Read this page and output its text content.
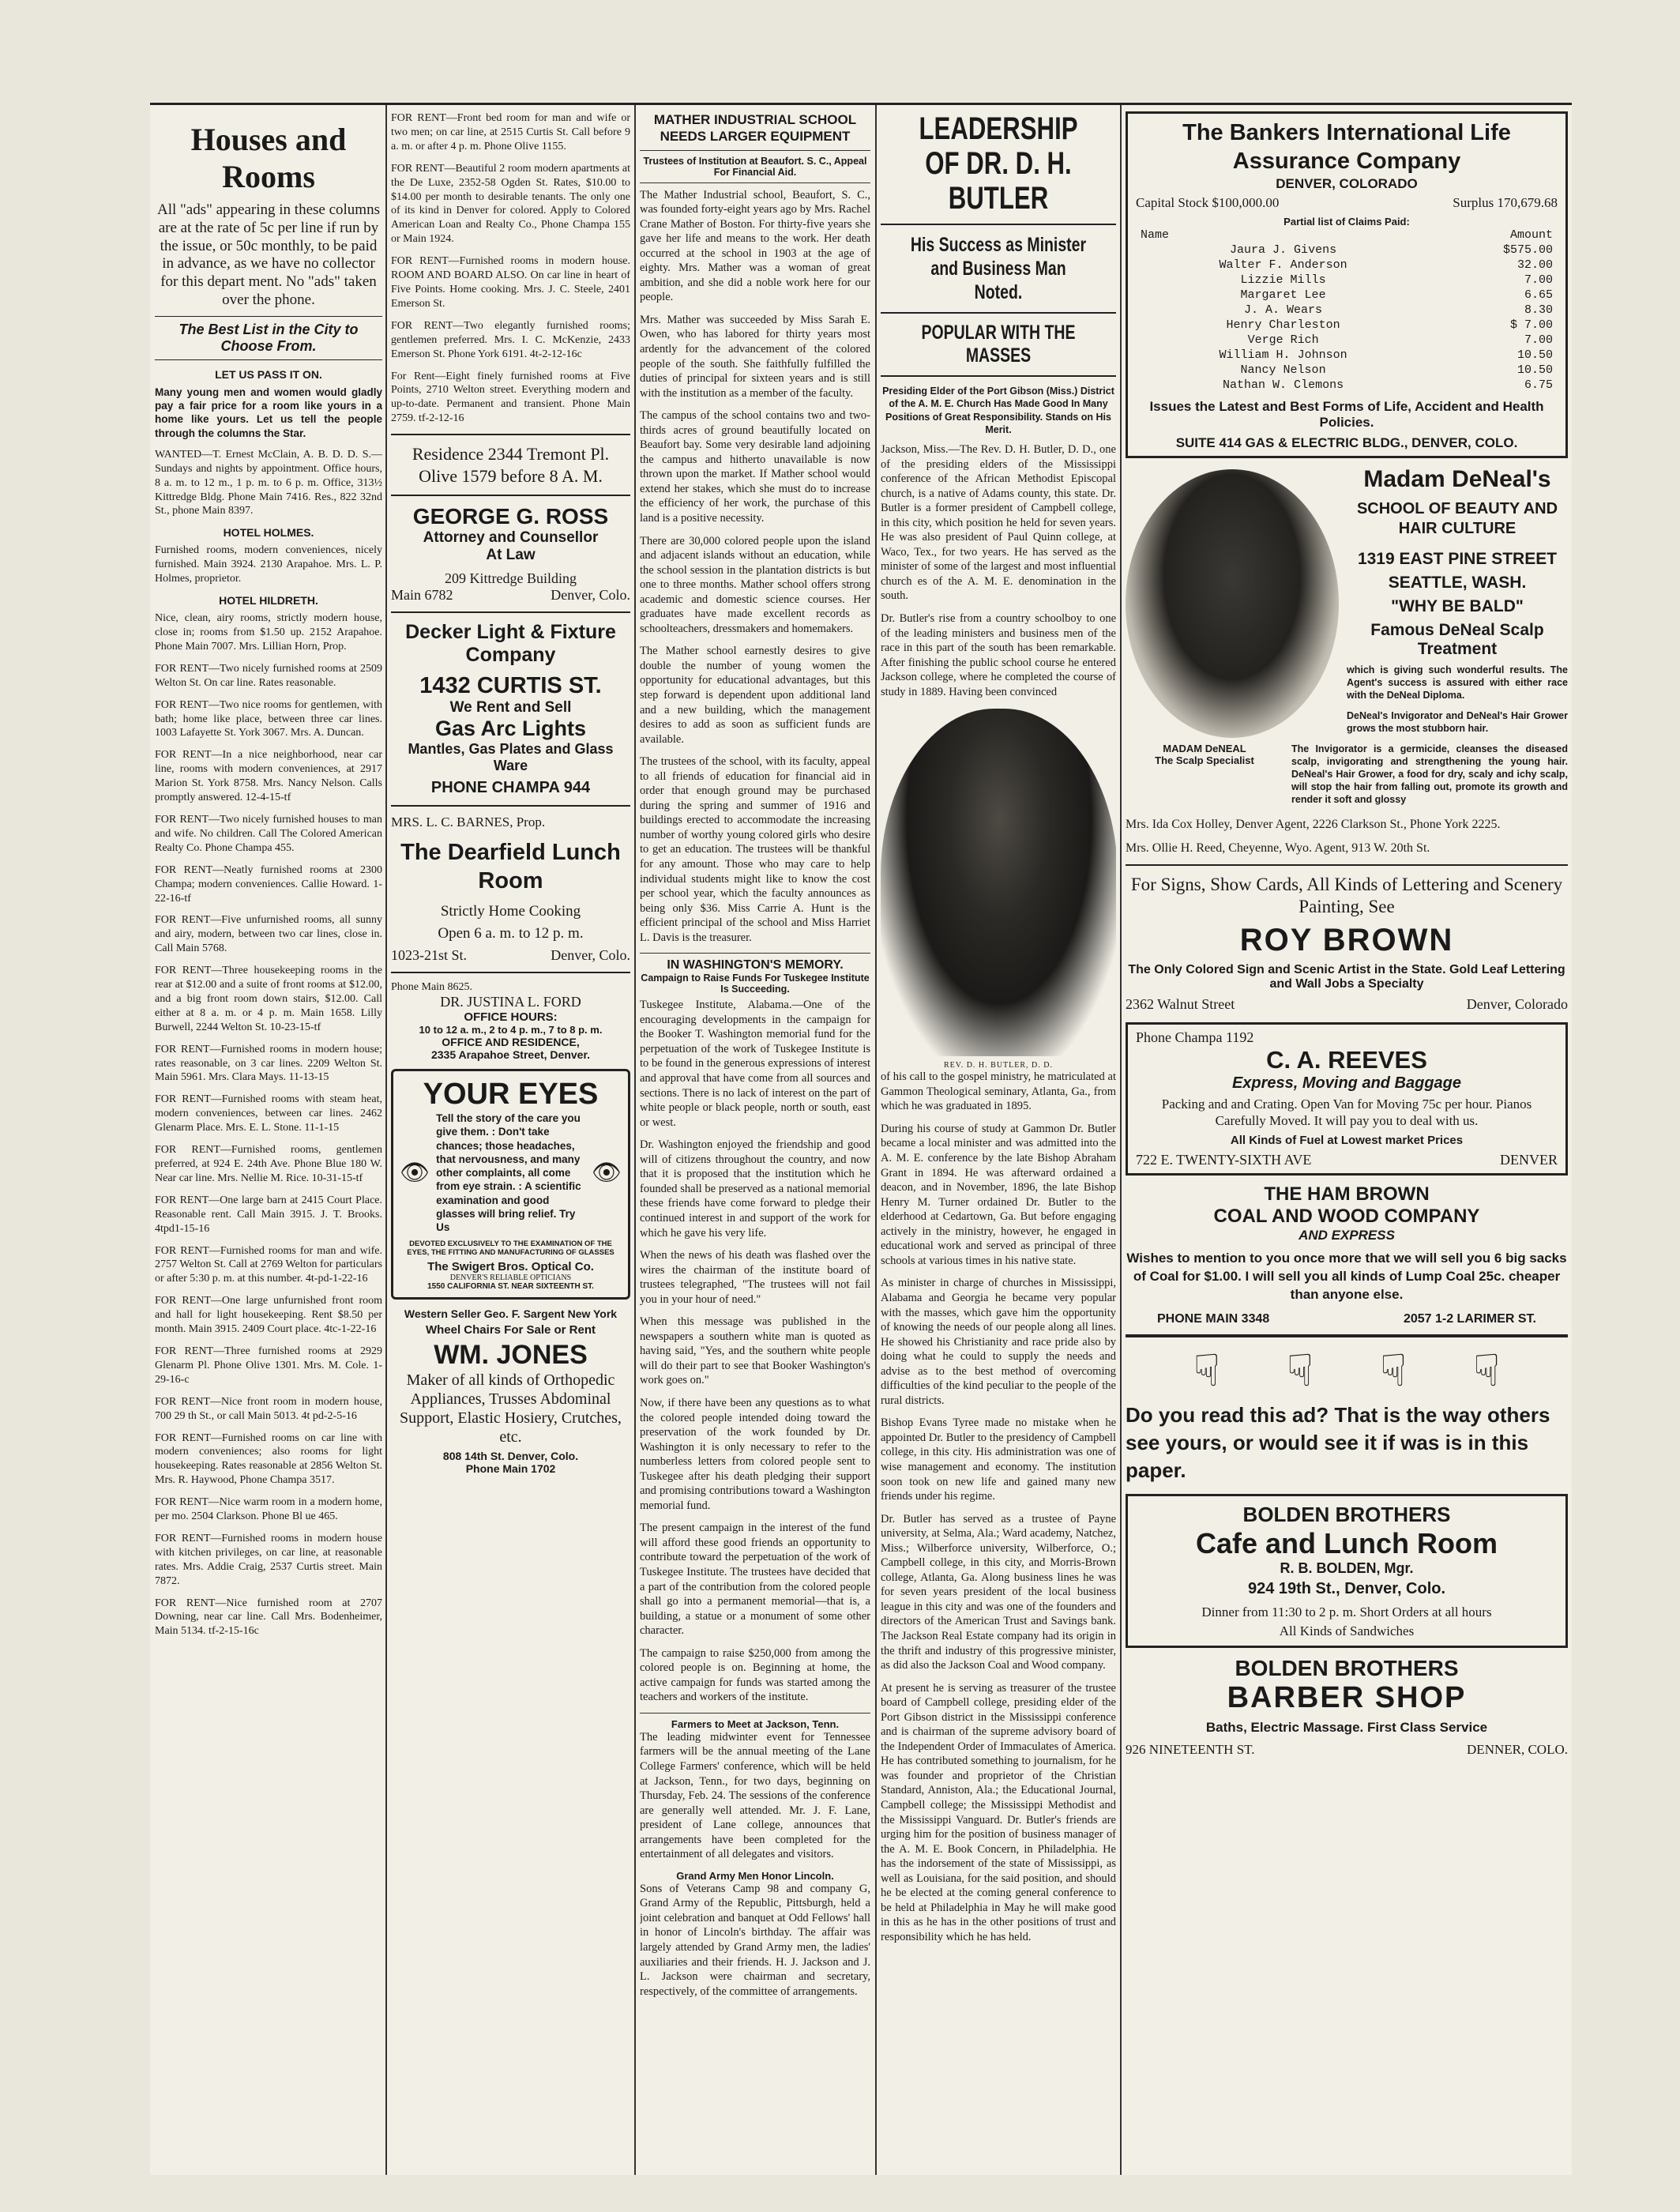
Houses and Rooms
All "ads" appearing in these columns are at the rate of 5c per line if run by the issue, or 50c monthly, to be paid in advance, as we have no collector for this depart ment. No "ads" taken over the phone.
The Best List in the City to Choose From.
LET US PASS IT ON.

Many young men and women would gladly pay a fair price for a room like yours in a home like yours. Let us tell the people through the columns the Star.

WANTED—T. Ernest McClain, A. B. D. D. S.—Sundays and nights by appointment. Office hours, 8 a. m. to 12 m., 1 p. m. to 6 p. m. Office, 313½ Kittredge Bldg. Phone Main 7416. Res., 822 32nd St., phone Main 8397.

HOTEL HOLMES.

Furnished rooms, modern conveniences, nicely furnished. Main 3924. 2130 Arapahoe. Mrs. L. P. Holmes, proprietor.

HOTEL HILDRETH.

Nice, clean, airy rooms, strictly modern house, close in; rooms from $1.50 up. 2152 Arapahoe. Phone Main 7007. Mrs. Lillian Horn, Prop.

FOR RENT—Two nicely furnished rooms at 2509 Welton St. On car line. Rates reasonable.

FOR RENT—Two nice rooms for gentlemen, with bath; home like place, between three car lines. 1003 Lafayette St. York 3067. Mrs. A. Duncan.

FOR RENT—In a nice neighborhood, near car line, rooms with modern conveniences, at 2917 Marion St. York 8758. Mrs. Nancy Nelson. Calls promptly answered. 12-4-15-tf

FOR RENT—Two nicely furnished houses to man and wife. No children. Call The Colored American Realty Co. Phone Champa 455.

FOR RENT—Neatly furnished rooms at 2300 Champa; modern conveniences. Callie Howard. 1-22-16-tf

FOR RENT—Five unfurnished rooms, all sunny and airy, modern, between two car lines, close in. Call Main 5768.

FOR RENT—Three housekeeping rooms in the rear at $12.00 and a suite of front rooms at $12.00, and a big front room down stairs, $12.00. Call either at 8 a. m. or 4 p. m. Main 1658. Lilly Burwell, 2244 Welton St. 10-23-15-tf

FOR RENT—Furnished rooms in modern house; rates reasonable, on 3 car lines. 2209 Welton St. Main 5961. Mrs. Clara Mays. 11-13-15

FOR RENT—Furnished rooms with steam heat, modern conveniences, between car lines. 2462 Glenarm Place. Mrs. E. L. Stone. 11-1-15

FOR RENT—Furnished rooms, gentlemen preferred, at 924 E. 24th Ave. Phone Blue 180 W. Near car line. Mrs. Nellie M. Rice. 10-31-15-tf

FOR RENT—One large barn at 2415 Court Place. Reasonable rent. Call Main 3915. J. T. Brooks. 4tpd1-15-16

FOR RENT—Furnished rooms for man and wife. 2757 Welton St. Call at 2769 Welton for particulars or after 5:30 p. m. at this number. 4t-pd-1-22-16

FOR RENT—One large unfurnished front room and hall for light housekeeping. Rent $8.50 per month. Main 3915. 2409 Court place. 4tc-1-22-16

FOR RENT—Three furnished rooms at 2929 Glenarm Pl. Phone Olive 1301. Mrs. M. Cole. 1-29-16-c

FOR RENT—Nice front room in modern house, 700 29 th St., or call Main 5013. 4t pd-2-5-16

FOR RENT—Furnished rooms on car line with modern conveniences; also rooms for light housekeeping. Rates reasonable at 2856 Welton St. Mrs. R. Haywood, Phone Champa 3517.

FOR RENT—Nice warm room in a modern home, per mo. 2504 Clarkson. Phone Bl ue 465.

FOR RENT—Furnished rooms in modern house with kitchen privileges, on car line, at reasonable rates. Mrs. Addie Craig, 2537 Curtis street. Main 7872.

FOR RENT—Nice furnished room at 2707 Downing, near car line. Call Mrs. Bodenheimer, Main 5134. tf-2-15-16c

FOR RENT—Front bed room for man and wife or two men; on car line, at 2515 Curtis St. Call before 9 a. m. or after 4 p. m. Phone Olive 1155.

FOR RENT—Beautiful 2 room modern apartments at the De Luxe, 2352-58 Ogden St. Rates, $10.00 to $14.00 per month to desirable tenants. The only one of its kind in Denver for colored. Apply to Colored American Loan and Realty Co., Phone Champa 155 or Main 1924.

FOR RENT—Furnished rooms in modern house. ROOM AND BOARD ALSO. On car line in heart of Five Points. Home cooking. Mrs. J. C. Steele, 2401 Emerson St.

FOR RENT—Two elegantly furnished rooms; gentlemen preferred. Mrs. I. C. McKenzie, 2433 Emerson St. Phone York 6191. 4t-2-12-16c

For Rent—Eight finely furnished rooms at Five Points, 2710 Welton street. Everything modern and up-to-date. Permanent and transient. Phone Main 2759. tf-2-12-16

Residence 2344 Tremont Pl.
Olive 1579 before 8 A. M.
GEORGE G. ROSS
Attorney and Counsellor
At Law
209 Kittredge Building
Main 6782	Denver, Colo.
Decker Light & Fixture Company
1432 CURTIS ST.
We Rent and Sell
Gas Arc Lights
Mantles, Gas Plates and Glass Ware
PHONE CHAMPA 944
MRS. L. C. BARNES, Prop.
The Dearfield Lunch Room
Strictly Home Cooking
Open 6 a. m. to 12 p. m.
1023-21st St.	Denver, Colo.
Phone Main 8625.
DR. JUSTINA L. FORD
OFFICE HOURS:
10 to 12 a. m., 2 to 4 p. m., 7 to 8 p. m.
OFFICE AND RESIDENCE,
2335 Arapahoe Street, Denver.
YOUR EYES
👁

Tell the story of the care you give them. : Don't take chances; those headaches, that nervousness, and many other complaints, all come from eye strain. : A scientific examination and good glasses will bring relief. Try Us

👁
DEVOTED EXCLUSIVELY TO THE EXAMINATION OF THE EYES, THE FITTING AND MANUFACTURING OF GLASSES
The Swigert Bros. Optical Co.
DENVER'S RELIABLE OPTICIANS
1550 CALIFORNIA ST. NEAR SIXTEENTH ST.
Western Seller Geo. F. Sargent New York
Wheel Chairs For Sale or Rent
WM. JONES
Maker of all kinds of Orthopedic Appliances, Trusses Abdominal Support, Elastic Hosiery, Crutches, etc.
808 14th St. Denver, Colo.
Phone Main 1702
MATHER INDUSTRIAL SCHOOL NEEDS LARGER EQUIPMENT
Trustees of Institution at Beaufort. S. C., Appeal For Financial Aid.

The Mather Industrial school, Beaufort, S. C., was founded forty-eight years ago by Mrs. Rachel Crane Mather of Boston. For thirty-five years she gave her life and means to the work. Her death occurred at the school in 1903 at the age of eighty. Mrs. Mather was a woman of great ambition, and she did a noble work here for our people.

Mrs. Mather was succeeded by Miss Sarah E. Owen, who has labored for thirty years most ardently for the advancement of the colored people of the south. She faithfully fulfilled the duties of principal for sixteen years and is still with the institution as a member of the faculty.

The campus of the school contains two and two-thirds acres of ground beautifully located on Beaufort bay. Some very desirable land adjoining the campus and hitherto unavailable is now thrown upon the market. If Mather school would extend her stakes, which she must do to increase the efficiency of her work, the purchase of this land is a positive necessity.

There are 30,000 colored people upon the island and adjacent islands without an education, while the school session in the plantation districts is but one to three months. Mather school offers strong academic and domestic science courses. Her graduates have made excellent records as schoolteachers, dressmakers and homemakers.

The Mather school earnestly desires to give double the number of young women the opportunity for educational advantages, but this step forward is dependent upon additional land and a new building, which the management desires to add as soon as sufficient funds are available.

The trustees of the school, with its faculty, appeal to all friends of education for financial aid in order that enough ground may be purchased during the spring and summer of 1916 and buildings erected to accommodate the increasing number of worthy young colored girls who desire to get an education. The trustees will be thankful for any amount. Those who may care to help individual students might like to know the cost per school year, which the faculty announces as being only $36. Miss Carrie A. Hunt is the efficient principal of the school and Miss Harriet L. Davis is the treasurer.

IN WASHINGTON'S MEMORY.
Campaign to Raise Funds For Tuskegee Institute Is Succeeding.

Tuskegee Institute, Alabama.—One of the encouraging developments in the campaign for the Booker T. Washington memorial fund for the perpetuation of the work of Tuskegee Institute is to be found in the generous expressions of interest and approval that have come from all sources and sections. There is no lack of interest on the part of white people or black people, north or south, east or west.

Dr. Washington enjoyed the friendship and good will of citizens throughout the country, and now that it is proposed that the institution which he founded shall be preserved as a national memorial these friends have come forward to pledge their continued interest in and support of the work for which he gave his very life.

When the news of his death was flashed over the wires the chairman of the institute board of trustees telegraphed, "The trustees will not fail you in your hour of need."

When this message was published in the newspapers a southern white man is quoted as having said, "Yes, and the southern white people will do their part to see that Booker Washington's work goes on."

Now, if there have been any questions as to what the colored people intended doing toward the preservation of the work founded by Dr. Washington it is only necessary to refer to the numberless letters from colored people sent to Tuskegee after his death pledging their support and promising contributions toward a Washington memorial fund.

The present campaign in the interest of the fund will afford these good friends an opportunity to contribute toward the perpetuation of the work of Tuskegee Institute. The trustees have decided that a part of the contribution from the colored people shall go into a permanent memorial—that is, a building, a statue or a monument of some other character.

The campaign to raise $250,000 from among the colored people is on. Beginning at home, the active campaign for funds was started among the teachers and workers of the institute.

Farmers to Meet at Jackson, Tenn.

The leading midwinter event for Tennessee farmers will be the annual meeting of the Lane College Farmers' conference, which will be held at Jackson, Tenn., for two days, beginning on Thursday, Feb. 24. The sessions of the conference are generally well attended. Mr. J. F. Lane, president of Lane college, announces that arrangements have been completed for the entertainment of all delegates and visitors.

Grand Army Men Honor Lincoln.

Sons of Veterans Camp 98 and company G, Grand Army of the Republic, Pittsburgh, held a joint celebration and banquet at Odd Fellows' hall in honor of Lincoln's birthday. The affair was largely attended by Grand Army men, the ladies' auxiliaries and their friends. H. J. Jackson and J. L. Jackson were chairman and secretary, respectively, of the committee of arrangements.

LEADERSHIP OF DR. D. H. BUTLER
His Success as Minister and Business Man Noted.
POPULAR WITH THE MASSES
Presiding Elder of the Port Gibson (Miss.) District of the A. M. E. Church Has Made Good In Many Positions of Great Responsibility. Stands on His Merit.

Jackson, Miss.—The Rev. D. H. Butler, D. D., one of the presiding elders of the Mississippi conference of the African Methodist Episcopal church, is a native of Adams county, this state. Dr. Butler is a former president of Campbell college, in this city, which position he held for seven years. He was also president of Paul Quinn college, at Waco, Tex., for two years. He has served as the minister of some of the largest and most influential church es of the A. M. E. denomination in the south.

Dr. Butler's rise from a country schoolboy to one of the leading ministers and business men of the race in this part of the south has been remarkable. After finishing the public school course he entered Jackson college, where he completed the course of study in 1889. Having been convinced

REV. D. H. BUTLER, D. D.

of his call to the gospel ministry, he matriculated at Gammon Theological seminary, Atlanta, Ga., from which he was graduated in 1895.

During his course of study at Gammon Dr. Butler became a local minister and was admitted into the A. M. E. conference by the late Bishop Abraham Grant in 1894. He was afterward ordained a deacon, and in November, 1896, the late Bishop Henry M. Turner ordained Dr. Butler to the elderhood at Cedartown, Ga. But before engaging actively in the ministry, however, he engaged in educational work and served as principal of three schools at various times in his native state.

As minister in charge of churches in Mississippi, Alabama and Georgia he became very popular with the masses, which gave him the opportunity of knowing the needs of our people along all lines. He showed his Christianity and race pride also by doing what he could to supply the needs and advise as to the best method of overcoming difficulties of the kind peculiar to the people of the rural districts.

Bishop Evans Tyree made no mistake when he appointed Dr. Butler to the presidency of Campbell college, in this city. His administration was one of wise management and economy. The institution soon took on new life and gained many new friends under his regime.

Dr. Butler has served as a trustee of Payne university, at Selma, Ala.; Ward academy, Natchez, Miss.; Wilberforce university, Wilberforce, O.; Campbell college, in this city, and Morris-Brown college, Atlanta, Ga. Along business lines he was for seven years president of the local business league in this city and was one of the founders and directors of the American Trust and Savings bank. The Jackson Real Estate company had its origin in the thrift and industry of this progressive minister, as did also the Jackson Coal and Wood company.

At present he is serving as treasurer of the trustee board of Campbell college, presiding elder of the Port Gibson district in the Mississippi conference and is chairman of the supreme advisory board of the Independent Order of Immaculates of America. He has contributed something to journalism, for he was founder and proprietor of the Christian Standard, Anniston, Ala.; the Educational Journal, Campbell college; the Mississippi Methodist and the Mississippi Vanguard. Dr. Butler's friends are urging him for the position of business manager of the A. M. E. Book Concern, in Philadelphia. He has the indorsement of the state of Mississippi, as well as Louisiana, for the said position, and should he be elected at the coming general conference to be held at Philadelphia in May he will make good in this as he has in the other positions of trust and responsibility which he has held.

The Bankers International Life Assurance Company
DENVER, COLORADO
Capital Stock $100,000.00	Surplus 170,679.68
Partial list of Claims Paid:
Name	Amount
Jaura J. Givens	$575.00
Walter F. Anderson	32.00
Lizzie Mills	7.00
Margaret Lee	6.65
J. A. Wears	8.30
Henry Charleston	$ 7.00
Verge Rich	7.00
William H. Johnson	10.50
Nancy Nelson	10.50
Nathan W. Clemons	6.75
Issues the Latest and Best Forms of Life, Accident and Health Policies.
SUITE 414 GAS & ELECTRIC BLDG., DENVER, COLO.
Madam DeNeal's
SCHOOL OF BEAUTY AND HAIR CULTURE
1319 EAST PINE STREET
SEATTLE, WASH.
"WHY BE BALD"
Famous DeNeal Scalp Treatment

which is giving such wonderful results. The Agent's success is assured with either race with the DeNeal Diploma.

DeNeal's Invigorator and DeNeal's Hair Grower grows the most stubborn hair.

MADAM DeNEAL
The Scalp Specialist

The Invigorator is a germicide, cleanses the diseased scalp, invigorating and strengthening the young hair. DeNeal's Hair Grower, a food for dry, scaly and ichy scalp, will stop the hair from falling out, promote its growth and render it soft and glossy

Mrs. Ida Cox Holley, Denver Agent, 2226 Clarkson St., Phone York 2225.

Mrs. Ollie H. Reed, Cheyenne, Wyo. Agent, 913 W. 20th St.

For Signs, Show Cards, All Kinds of Lettering and Scenery Painting, See
ROY BROWN
The Only Colored Sign and Scenic Artist in the State. Gold Leaf Lettering and Wall Jobs a Specialty
2362 Walnut Street	Denver, Colorado
Phone Champa 1192
C. A. REEVES
Express, Moving and Baggage
Packing and and Crating. Open Van for Moving 75c per hour. Pianos Carefully Moved. It will pay you to deal with us.
All Kinds of Fuel at Lowest market Prices
722 E. TWENTY-SIXTH AVE	DENVER
THE HAM BROWN
COAL AND WOOD COMPANY
AND EXPRESS
Wishes to mention to you once more that we will sell you 6 big sacks of Coal for $1.00. I will sell you all kinds of Lump Coal 25c. cheaper than anyone else.
PHONE MAIN 3348	2057 1-2 LARIMER ST.
☟ ☟ ☟ ☟
Do you read this ad? That is the way others see yours, or would see it if was is in this paper.
BOLDEN BROTHERS
Cafe and Lunch Room
R. B. BOLDEN, Mgr.
924 19th St., Denver, Colo.
Dinner from 11:30 to 2 p. m. Short Orders at all hours
All Kinds of Sandwiches
BOLDEN BROTHERS
BARBER SHOP
Baths, Electric Massage. First Class Service
926 NINETEENTH ST.	DENNER, COLO.
